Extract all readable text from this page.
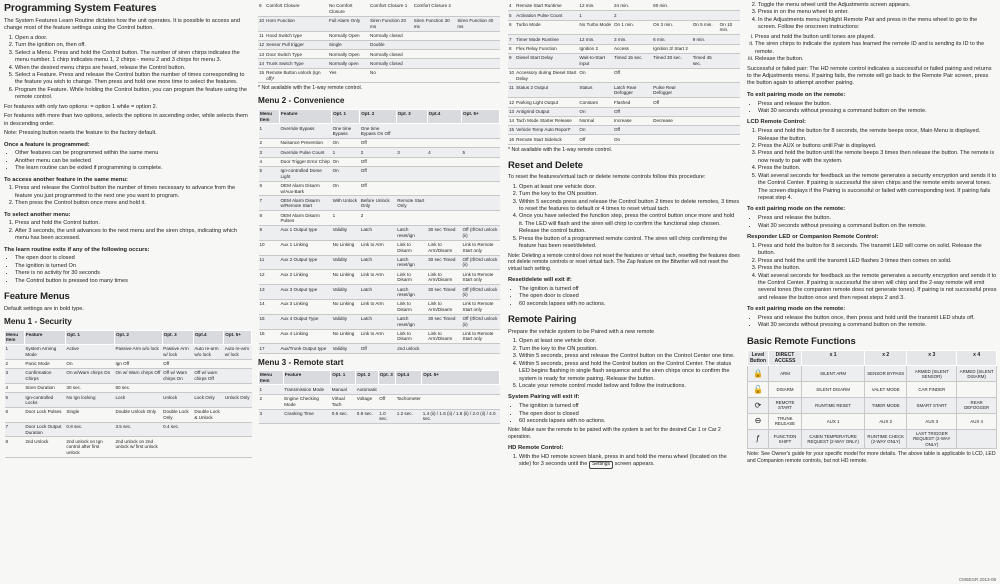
Programming System Features

The System Features Learn Routine dictates how the unit operates. It is possible to access and change most of the feature settings using the Control button.

1. Open a door.
2. Turn the ignition on, then off.
3. Select a Menu. Press and hold the Control button. The number of siren chirps indicates the menu number. 1 chirp indicates menu 1, 2 chirps - menu 2 and 3 chirps for menu 3.
4. When the desired menu chirps are heard, release the Control button.
5. Select a Feature. Press and release the Control button the number of times corresponding to the feature you wish to change. Then press and hold one more time to select the features.
6. Program the Feature. While holding the Control button, you can program the feature using the remote control.

For features with only two options: = option 1 while = option 2.

For features with more than two options, selects the options in ascending order, while selects them in descending order.

Note: Pressing button resets the feature to the factory default.

Once a feature is programmed:
• Other features can be programmed within the same menu
• Another menu can be selected
• The learn routine can be exited if programming is complete.
To access another feature in the same menu:
1. Press and release the Control button the number of times necessary to advance from the feature you just programmed to the next one you want to program.
2. Then press the Control button once more and hold it.
To select another menu:
1. Press and hold the Control button.
2. After 3 seconds, the unit advances to the next menu and the siren chirps, indicating which menu has been accessed.
The learn routine exits if any of the following occurs:
• The open door is closed
• The ignition is turned On
• There is no activity for 30 seconds
• The Control button is pressed too many times
Feature Menus

Default settings are in bold type.

Menu 1 - Security
Menu Item	Feature	Opt. 1	Opt. 2	Opt. 3	Opt.4	Opt. 5+
1	System Arming Mode	Active	Passive Arm w/o lock	Passive Arm w/ lock	Auto re-arm w/o lock	Auto re-arm w/ lock
2	Panic Mode	On	Ign Off	Off		
3	Confirmation Chirps	On w/Warn chirps On	On w/ Warn chirps Off	Off w/ Warn chirps On	Off w/ warn chirps Off	
4	Siren Duration	30 sec.	60 sec.			
5	Ign-controlled Locks	No Ign locking	Lock	Unlock	Lock Only	Unlock Only
6	Door Lock Pulses	Single	Double Unlock Only	Double Lock Only	Double Lock & Unlock	
7	Door Lock Output Duration	0.8 sec.	3.5 sec.	0.4 sec.		
8	2nd Unlock	2nd unlock on Ign control after first unlock	2nd unlock on 2nd unlock w/ first unlock			
9	Comfort Closure	No Comfort Closure	Comfort Closure 1	Comfort Closure 2	
10	Horn Function	Full Alarm Only	Siren Function 20 ms	Siren Function 30 ms	Siren Function 40 ms
11	Hood Switch type	Normally Open	Normally closed		
12	Sensor Pull trigger	Single	Double		
13	Door Switch Type	Normally Open	Normally closed		
14	Trunk Switch Type	Normally open	Normally closed		
15	Remote Button unlock (Ign off)*	Yes	No		

* Not available with the 1-way remote control.

Menu 2 - Convenience
Menu Item	Feature	Opt. 1	Opt. 2	Opt. 3	Opt.4	Opt. 5+
1	Override Bypass	One time Bypass	One time Bypass On Off			
2	Nuisance Prevention	On	Off			
3	Override Pulse Count	1	2	3	4	5
4	Door Trigger Error Chirp	On	Off			
5	Ign-controlled Dome Light	On	Off			
6	OEM Alarm Disarm w/Aux-Bark	On	Off			
7	OEM Alarm Disarm w/Remote Start	With Unlock	Before Unlock Only	Remote Start Only		
8	OEM Alarm Disarm Pulses	1	2			
9	Aux 1 Output type	Validity	Latch	Latch reset/ign	30 sec Timed	Off (If/Ord unlock (ii)
10	Aux 1 Linking	No Linking	Link to Arm	Link to Disarm	Link to Arm/Disarm	Link to Remote Start only
11	Aux 2 Output type	Validity	Latch	Latch reset/ign	30 sec Timed	Off (If/Ord unlock (ii)
12	Aux 2 Linking	No Linking	Link to Arm	Link to Disarm	Link to Arm/Disarm	Link to Remote Start only
13	Aux 3 Output type	Validity	Latch	Latch reset/ign	30 sec Timed	Off (If/Ord unlock (ii)
14	Aux 3 Linking	No Linking	Link to Arm	Link to Disarm	Link to Arm/Disarm	Link to Remote Start only
15	Aux 4 Output Type	Validity	Latch	Latch reset/ign	30 sec Timed	Off (If/Ord unlock (ii)
16	Aux 4 Linking	No Linking	Link to Arm	Link to Disarm	Link to Arm/Disarm	Link to Remote Start only
17	Aux/Trunk Output type	Validity	Off	2nd unlock		
Menu 3 - Remote start
Menu Item	Feature	Opt. 1	Opt. 2	Opt. 3	Opt.4	Opt. 5+
1	Transmission Mode	Manual	Automatic			
2	Engine Checking Mode	Virtual Tach	Voltage	Off	Tachometer	
3	Cranking Time	0.6 sec.	0.8 sec.	1.0 sec.	1.2 sec.	1.4 (ii) / 1.6 (ii) / 1.8 (ii) / 2.0 (ii) / 4.0 sec.
4	Remote Start Runtime	12 min.	24 min.	60 min.		
5	Activation Pulse Count	1	2			
6	Turbo Mode	No Turbo Mode	On 1 min.	On 3 min.	On 5 min.	On 10 min.
7	Timer Mode Runtime	12 min.	3 min.	6 min.	9 min.	
8	Flex Relay Function	Ignition 2	Access	Ignition 3/ Start 2		
9	Diesel Start Delay	Wait-to-Start input	Timed 15 sec.	Timed 30 sec.	Timed 45 sec.	
10	Accessory during Diesel Start Delay	On	Off			
11	Status 2 Output	Status	Latch Rear Defogger	Pulse Rear Defogger		
12	Parking Light Output	Constant	Flashed	Off		
13	Antigrind Output	On	Off			
14	Tach Mode Starter Release	Normal	Increase	Decrease		
15	Vehicle Temp Auto Report*	On	Off			
16	Remote Start Sidelock	Off	On			

* Not available with the 1-way remote control.

Reset and Delete

To reset the features/virtual tach or delete remote controls follow this procedure:

1. Open at least one vehicle door.
2. Turn the key to the ON position.
3. Within 5 seconds press and release the Control button 2 times to delete remotes, 3 times to reset the features to default or 4 times to reset virtual tach.
4. Once you have selected the function step, press the control button once more and hold it. The LED will flash and the siren will chirp to confirm the functional step chosen. Release the control button.
5. Press the button of a programmed remote control. The siren will chirp confirming the feature has been reset/deleted.

Note: Deleting a remote control does not reset the features or virtual tach, resetting the features does not delete remote controls or reset virtual tach. The Zap feature on the Bitwriter will not reset the virtual tach setting.

Reset/delete will exit if:
• The ignition is turned off
• The open door is closed
• 60 seconds lapses with no actions.
Remote Pairing

Prepare the vehicle system to be Paired with a new remote

1. Open at least one vehicle door.
2. Turn the key to the ON position.
3. Within 5 seconds, press and release the Control button on the Control Center one time.
4. Within 5 seconds, press and hold the Control button on the Control Center. The status LED begins flashing in single flash sequence and the siren chirps once to confirm the system is ready for remote pairing. Release the button.
5. Locate your remote control model below and follow the instructions.
System Pairing will exit if:
• The ignition is turned off
• The open door is closed
• 60 seconds lapses with no actions.

Note: Make sure the remote to be paired with the system is set for the desired Car 1 or Car 2 operation.

HD Remote Control:
1. With the HD remote screen blank, press in and hold the menu wheel (located on the side) for 3 seconds until the Settings screen appears.
2. Toggle the menu wheel until the Adjustments screen appears.
3. Press in on the menu wheel to enter.
4. In the Adjustments menu highlight Remote Pair and press in the menu wheel to go to the screen. Follow the onscreen instructions:
i. Press and hold the button until tones are played.
ii. The siren chirps to indicate the system has learned the remote ID and is sending its ID to the remote.
iii. Release the button.

Successful or failed pair: The HD remote control indicates a successful or failed pairing and returns to the Adjustments menu. If pairing fails, the remote will go back to the Remote Pair screen, press the button again to attempt another pairing.

To exit pairing mode on the remote:
• Press and release the button.
• Wait 30 seconds without pressing a command button on the remote.
LCD Remote Control:
1. Press and hold the button for 8 seconds, the remote beeps once, Main Menu is displayed. Release the button.
2. Press the AUX or buttons until Pair is displayed.
3. Press and hold the button until the remote beeps 3 times then release the button. The remote is now ready to pair with the system.
4. Press the button.
5. Wait several seconds for feedback as the remote generates a security encryption and sends it to the Control Center. If pairing is successful the siren chirps and the remote emits several tones. The screen displays if the Pairing is successful or failed with corresponding text. If pairing fails repeat step 4.
To exit pairing mode on the remote:
• Press and release the button.
• Wait 30 seconds without pressing a command button on the remote.
Responder LED or Companion Remote Control:
1. Press and hold the button for 8 seconds. The transmit LED will come on solid. Release the button.
2. Press and hold the until the transmit LED flashes 3 times then comes on solid.
3. Press the button.
4. Wait several seconds for feedback as the remote generates a security encryption and sends it to the Control Center. If pairing is successful the siren will chirp and the 2-way remote will emit several tones (the companion remote does not generate tones). If pairing is not successful press and release the button once and then repeat steps 2 and 3.
To exit pairing mode on the remote:
• Press and release the button once, then press and hold until the transmit LED shuts off.
• Wait 30 seconds without pressing a command button on the remote.
Basic Remote Functions
Level Button	DIRECT ACCESS	x 1	x 2	x 3	x 4
🔒	ARM	SILENT ARM	SENSOR BYPASS	ARMED (SILENT SENSOR)	ARMED (SILENT DISARM)
🔓	DISARM	SILENT DISARM	VALET MODE	CAR FINDER	
⟳	REMOTE START	RUNTIME RESET	TIMER MODE	SMART START	REAR DEFOGGER
⊖	TRUNK RELEASE	AUX 1	AUX 2	AUX 3	AUX 4
ƒ	FUNCTION SHIFT	CABIN TEMPERATURE REQUEST (2-WAY ONLY)	RUNTIME CHECK (2-WAY ONLY)	LAST TRIGGER REQUEST (2-WAY ONLY)	

Note: See Owner's guide for your specific model for more details. The above table is applicable to LCD, LED and Companion remote controls, but not HD remote.

CM5EGR 2013-08
